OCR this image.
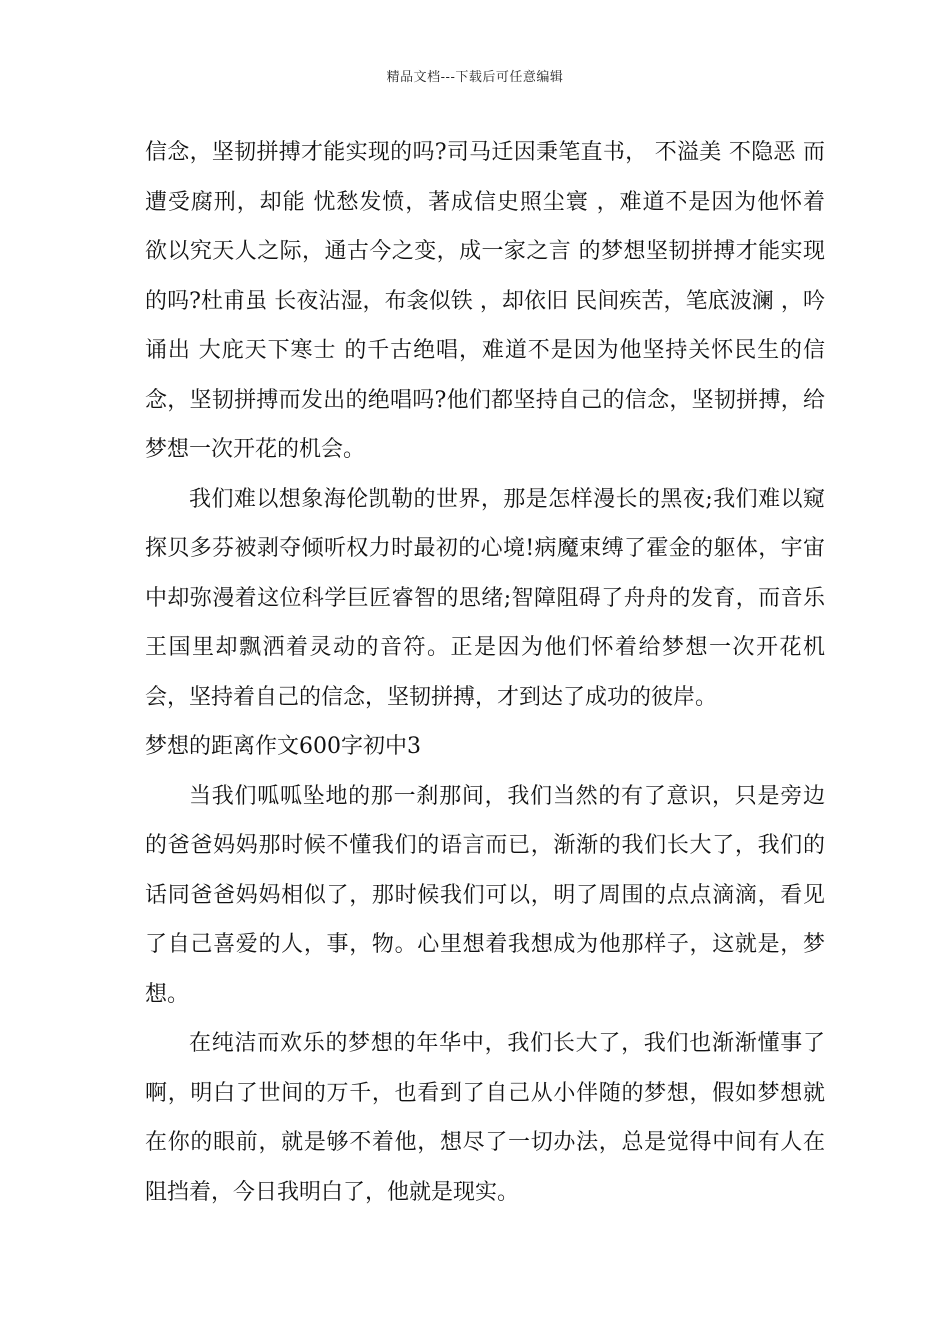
精品文档---下载后可任意编辑

信念，坚韧拼搏才能实现的吗?司马迁因秉笔直书， 不溢美 不隐恶 而遭受腐刑，却能 忧愁发愤，著成信史照尘寰 ，难道不是因为他怀着 欲以究天人之际，通古今之变，成一家之言 的梦想坚韧拼搏才能实现的吗?杜甫虽 长夜沾湿，布衾似铁 ，却依旧 民间疾苦，笔底波澜 ，吟诵出 大庇天下寒士 的千古绝唱，难道不是因为他坚持关怀民生的信念，坚韧拼搏而发出的绝唱吗?他们都坚持自己的信念，坚韧拼搏，给梦想一次开花的机会。

我们难以想象海伦凯勒的世界，那是怎样漫长的黑夜;我们难以窥探贝多芬被剥夺倾听权力时最初的心境!病魔束缚了霍金的躯体，宇宙中却弥漫着这位科学巨匠睿智的思绪;智障阻碍了舟舟的发育，而音乐王国里却飘洒着灵动的音符。正是因为他们怀着给梦想一次开花机会，坚持着自己的信念，坚韧拼搏，才到达了成功的彼岸。

梦想的距离作文600字初中3

当我们呱呱坠地的那一刹那间，我们当然的有了意识，只是旁边的爸爸妈妈那时候不懂我们的语言而已，渐渐的我们长大了，我们的话同爸爸妈妈相似了，那时候我们可以，明了周围的点点滴滴，看见了自己喜爱的人，事，物。心里想着我想成为他那样子，这就是，梦想。

在纯洁而欢乐的梦想的年华中，我们长大了，我们也渐渐懂事了啊，明白了世间的万千，也看到了自己从小伴随的梦想，假如梦想就在你的眼前，就是够不着他，想尽了一切办法，总是觉得中间有人在阻挡着，今日我明白了，他就是现实。
